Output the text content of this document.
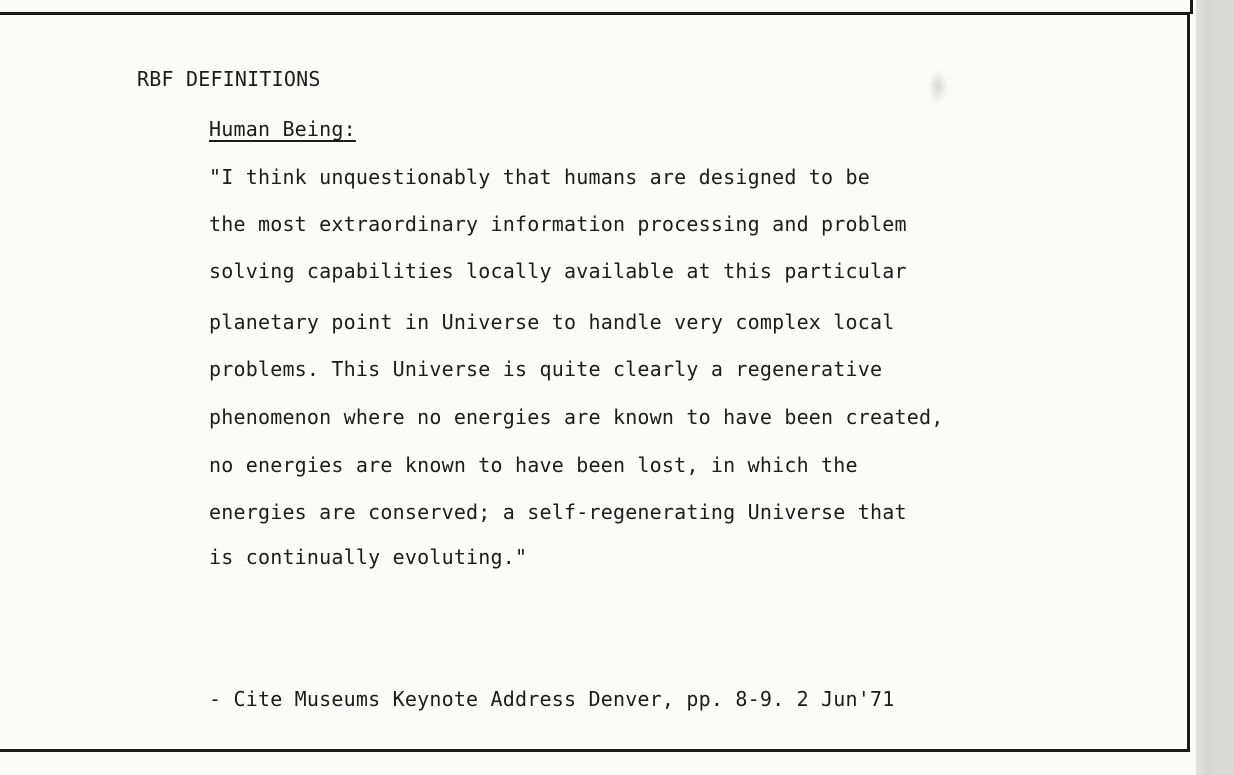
RBF DEFINITIONS
Human Being:
"I think unquestionably that humans are designed to be
the most extraordinary information processing and problem
solving capabilities locally available at this particular
planetary point in Universe to handle very complex local
problems. This Universe is quite clearly a regenerative
phenomenon where no energies are known to have been created,
no energies are known to have been lost, in which the
energies are conserved; a self-regenerating Universe that
is continually evoluting."
- Cite Museums Keynote Address Denver, pp. 8-9. 2 Jun'71
